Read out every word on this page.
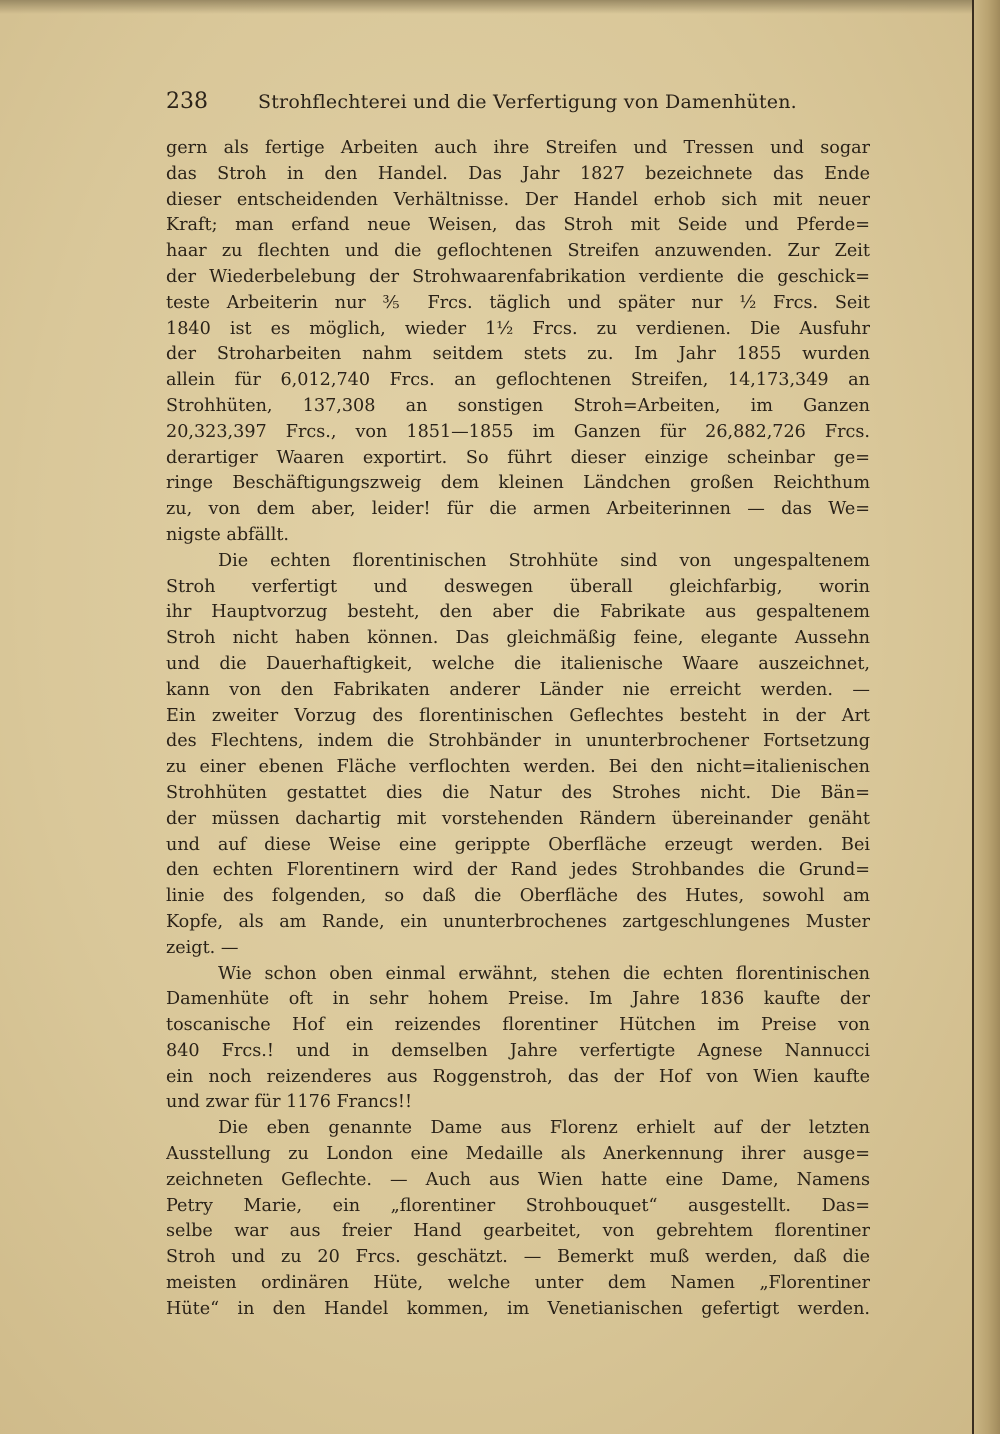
238	Strohflechterei und die Verfertigung von Damenhüten.
gern als fertige Arbeiten auch ihre Streifen und Tressen und sogar
das Stroh in den Handel. Das Jahr 1827 bezeichnete das Ende
dieser entscheidenden Verhältnisse. Der Handel erhob sich mit neuer
Kraft; man erfand neue Weisen, das Stroh mit Seide und Pferde=
haar zu flechten und die geflochtenen Streifen anzuwenden. Zur Zeit
der Wiederbelebung der Strohwaarenfabrikation verdiente die geschick=
teste Arbeiterin nur ⅗ Frcs. täglich und später nur ½ Frcs. Seit
1840 ist es möglich, wieder 1½ Frcs. zu verdienen. Die Ausfuhr
der Stroharbeiten nahm seitdem stets zu. Im Jahr 1855 wurden
allein für 6,012,740 Frcs. an geflochtenen Streifen, 14,173,349 an
Strohhüten, 137,308 an sonstigen Stroh=Arbeiten, im Ganzen
20,323,397 Frcs., von 1851—1855 im Ganzen für 26,882,726 Frcs.
derartiger Waaren exportirt. So führt dieser einzige scheinbar ge=
ringe Beschäftigungszweig dem kleinen Ländchen großen Reichthum
zu, von dem aber, leider! für die armen Arbeiterinnen — das We=
nigste abfällt.
Die echten florentinischen Strohhüte sind von ungespaltenem
Stroh verfertigt und deswegen überall gleichfarbig, worin
ihr Hauptvorzug besteht, den aber die Fabrikate aus gespaltenem
Stroh nicht haben können. Das gleichmäßig feine, elegante Aussehn
und die Dauerhaftigkeit, welche die italienische Waare auszeichnet,
kann von den Fabrikaten anderer Länder nie erreicht werden. —
Ein zweiter Vorzug des florentinischen Geflechtes besteht in der Art
des Flechtens, indem die Strohbänder in ununterbrochener Fortsetzung
zu einer ebenen Fläche verflochten werden. Bei den nicht=italienischen
Strohhüten gestattet dies die Natur des Strohes nicht. Die Bän=
der müssen dachartig mit vorstehenden Rändern übereinander genäht
und auf diese Weise eine gerippte Oberfläche erzeugt werden. Bei
den echten Florentinern wird der Rand jedes Strohbandes die Grund=
linie des folgenden, so daß die Oberfläche des Hutes, sowohl am
Kopfe, als am Rande, ein ununterbrochenes zartgeschlungenes Muster
zeigt. —
Wie schon oben einmal erwähnt, stehen die echten florentinischen
Damenhüte oft in sehr hohem Preise. Im Jahre 1836 kaufte der
toscanische Hof ein reizendes florentiner Hütchen im Preise von
840 Frcs.! und in demselben Jahre verfertigte Agnese Nannucci
ein noch reizenderes aus Roggenstroh, das der Hof von Wien kaufte
und zwar für 1176 Francs!!
Die eben genannte Dame aus Florenz erhielt auf der letzten
Ausstellung zu London eine Medaille als Anerkennung ihrer ausge=
zeichneten Geflechte. — Auch aus Wien hatte eine Dame, Namens
Petry Marie, ein „florentiner Strohbouquet“ ausgestellt. Das=
selbe war aus freier Hand gearbeitet, von gebrehtem florentiner
Stroh und zu 20 Frcs. geschätzt. — Bemerkt muß werden, daß die
meisten ordinären Hüte, welche unter dem Namen „Florentiner
Hüte“ in den Handel kommen, im Venetianischen gefertigt werden.
